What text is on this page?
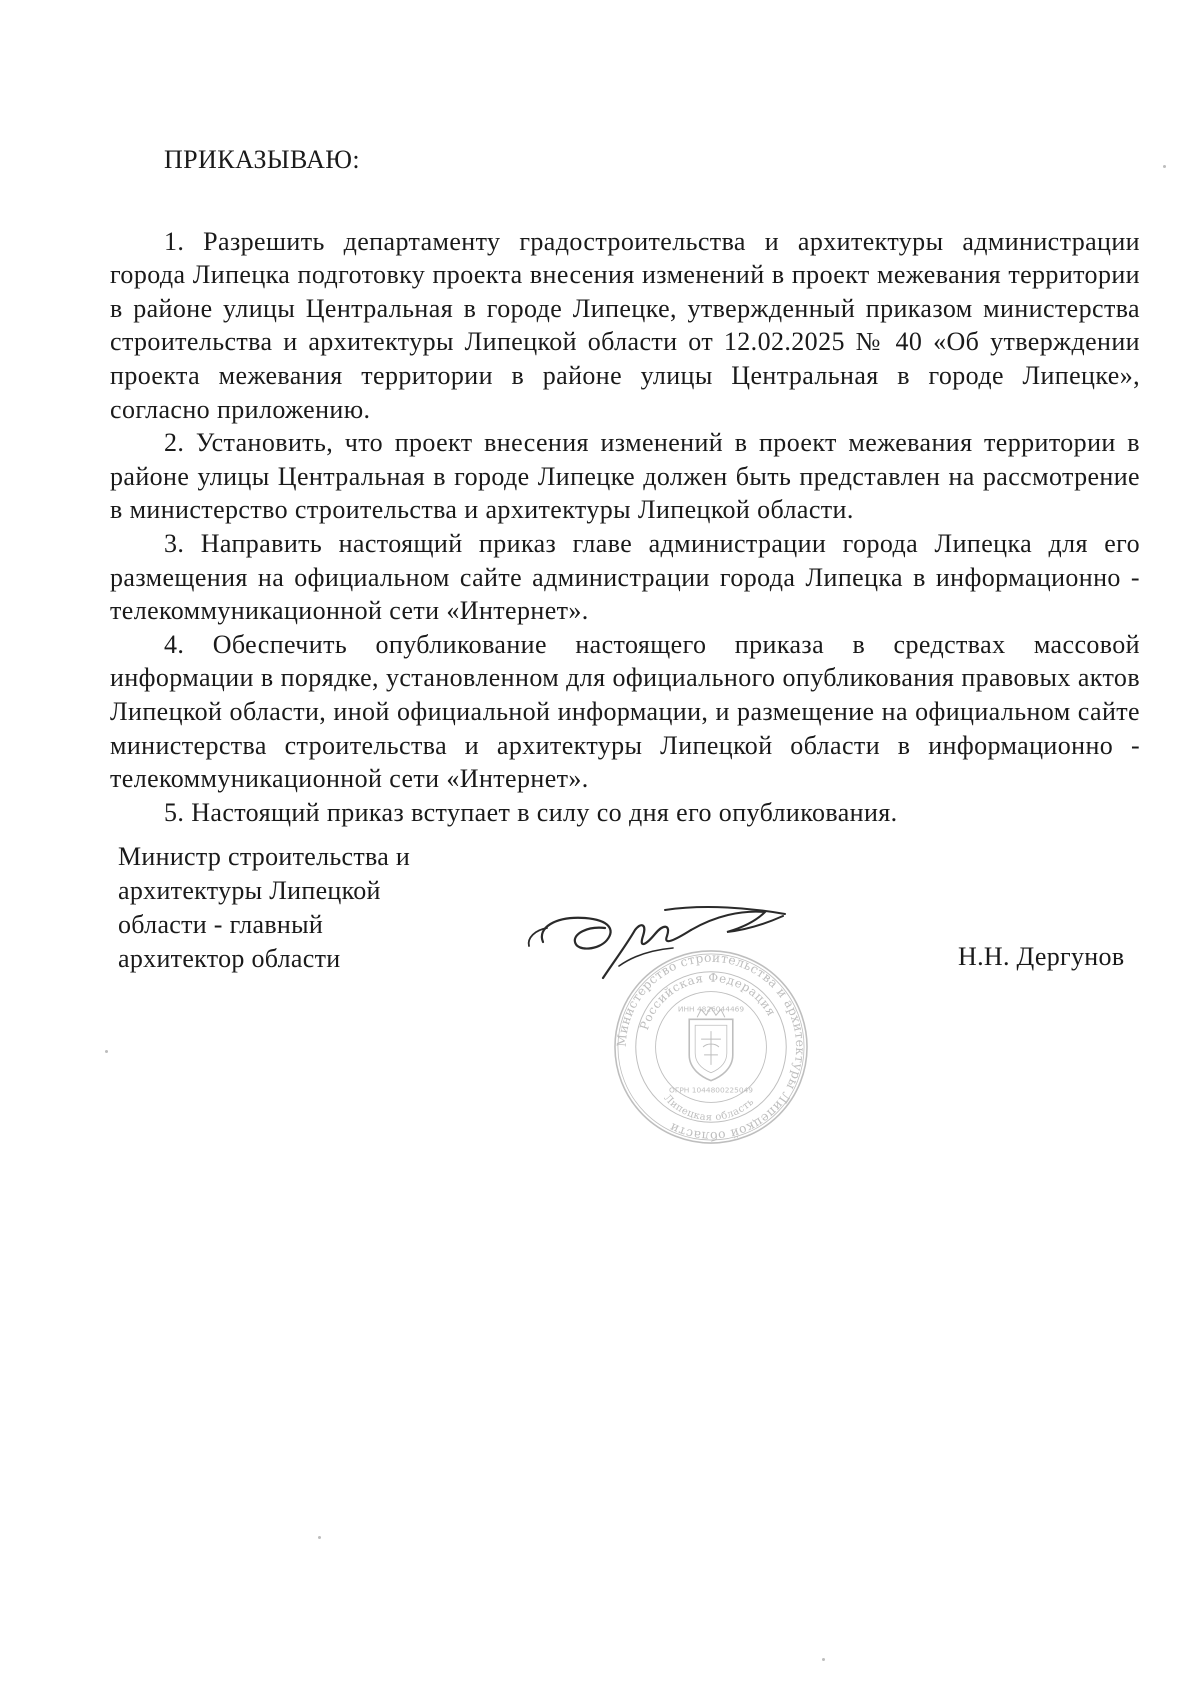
ПРИКАЗЫВАЮ:

1. Разрешить департаменту градостроительства и архитектуры администрации города Липецка подготовку проекта внесения изменений в проект межевания территории в районе улицы Центральная в городе Липецке, утвержденный приказом министерства строительства и архитектуры Липецкой области от 12.02.2025 № 40 «Об утверждении проекта межевания территории в районе улицы Центральная в городе Липецке», согласно приложению.

2. Установить, что проект внесения изменений в проект межевания территории в районе улицы Центральная в городе Липецке должен быть представлен на рассмотрение в министерство строительства и архитектуры Липецкой области.

3. Направить настоящий приказ главе администрации города Липецка для его размещения на официальном сайте администрации города Липецка в информационно - телекоммуникационной сети «Интернет».

4. Обеспечить опубликование настоящего приказа в средствах массовой информации в порядке, установленном для официального опубликования правовых актов Липецкой области, иной официальной информации, и размещение на официальном сайте министерства строительства и архитектуры Липецкой области в информационно - телекоммуникационной сети «Интернет».

5. Настоящий приказ вступает в силу со дня его опубликования.

Министр строительства и
архитектуры Липецкой
области - главный
архитектор области
Министерство строительства и архитектуры Липецкой области
Российская Федерация
ИНН 4826044469
ОГРН 1044800225049
Липецкая область
Н.Н. Дергунов
